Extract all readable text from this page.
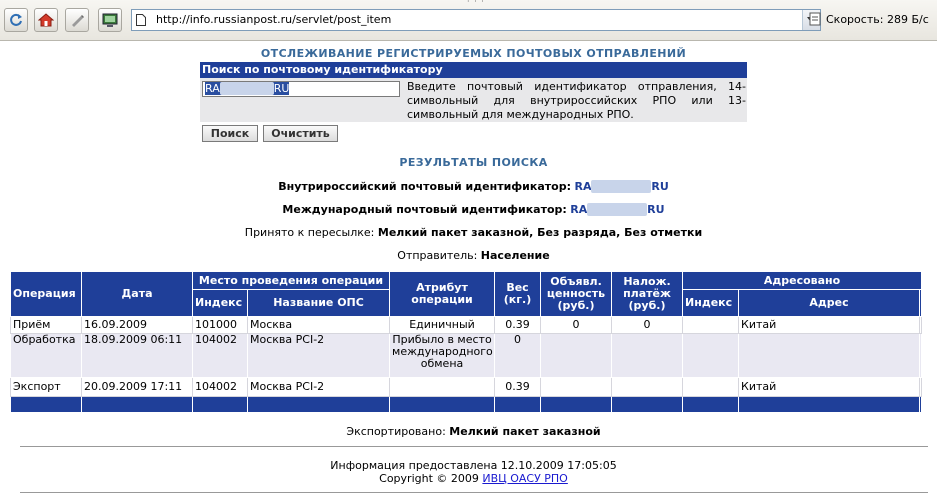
· · ·
http://info.russianpost.ru/servlet/post_item	Скорость: 289 Б/с
ОТСЛЕЖИВАНИЕ РЕГИСТРИРУЕМЫХ ПОЧТОВЫХ ОТПРАВЛЕНИЙ
Поиск по почтовому идентификатору
RA	RU	Введите почтовый идентификатор отправления, 14-символьный для внутрироссийских РПО или 13-символьный для международных РПО.
Поиск	Очистить
РЕЗУЛЬТАТЫ ПОИСКА
Внутрироссийский почтовый идентификатор: RA	RU
Международный почтовый идентификатор: RA	RU
Принято к пересылке: Мелкий пакет заказной, Без разряда, Без отметки
Отправитель: Население
Операция	Дата	Место проведения операции		Атрибут операции	Вес (кг.)	Объявл. ценность (руб.)	Налож. платёж (руб.)	Адресовано		
		Индекс	Название ОПС					Индекс	Адрес	
Приём	16.09.2009	101000	Москва	Единичный	0.39	0	0		Китай	
Обработка	18.09.2009 06:11	104002	Москва PCI-2	Прибыло в место международного обмена	0					
Экспорт	20.09.2009 17:11	104002	Москва PCI-2		0.39				Китай	

Экспортировано: Мелкий пакет заказной
Информация предоставлена 12.10.2009 17:05:05
Copyright © 2009 ИВЦ ОАСУ РПО
